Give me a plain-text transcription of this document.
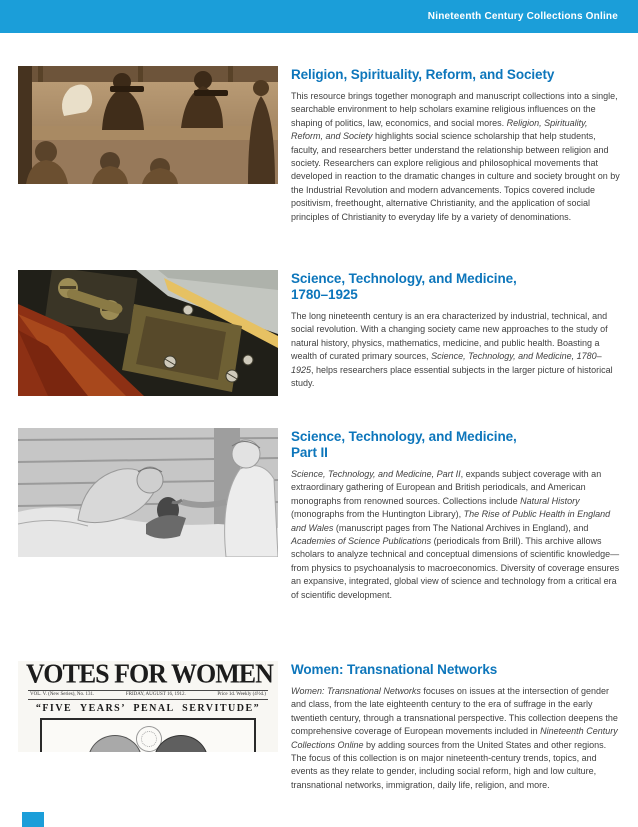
Nineteenth Century Collections Online
Religion, Spirituality, Reform, and Society

This resource brings together monograph and manuscript collections into a single, searchable environment to help scholars examine religious influences on the shaping of politics, law, economics, and social mores. Religion, Spirituality, Reform, and Society highlights social science scholarship that help students, faculty, and researchers better understand the relationship between religion and society. Researchers can explore religious and philosophical movements that developed in reaction to the dramatic changes in culture and society brought on by the Industrial Revolution and modern advancements. Topics covered include positivism, freethought, alternative Christianity, and the application of social principles of Christianity to everyday life by a variety of denominations.

Science, Technology, and Medicine,
1780–1925

The long nineteenth century is an era characterized by industrial, technical, and social revolution. With a changing society came new approaches to the study of natural history, physics, mathematics, medicine, and public health. Boasting a wealth of curated primary sources, Science, Technology, and Medicine, 1780–1925, helps researchers place essential subjects in the larger picture of historical study.

Science, Technology, and Medicine,
Part II

Science, Technology, and Medicine, Part II, expands subject coverage with an extraordinary gathering of European and British periodicals, and American monographs from renowned sources. Collections include Natural History (monographs from the Huntington Library), The Rise of Public Health in England and Wales (manuscript pages from The National Archives in England), and Academies of Science Publications (periodicals from Brill). This archive allows scholars to analyze technical and conceptual dimensions of scientific knowledge—from physics to psychoanalysis to macroeconomics. Diversity of coverage ensures an expansive, integrated, global view of science and technology from a critical era of scientific development.

VOTES FOR WOMEN
VOL. V. (New Series), No. 131.	FRIDAY, AUGUST 16, 1912.	Price 1d. Weekly (4½d.)
“FIVE YEARS’ PENAL SERVITUDE”
Women: Transnational Networks

Women: Transnational Networks focuses on issues at the intersection of gender and class, from the late eighteenth century to the era of suffrage in the early twentieth century, through a transnational perspective. This collection deepens the comprehensive coverage of European movements included in Nineteenth Century Collections Online by adding sources from the United States and other regions. The focus of this collection is on major nineteenth-century trends, topics, and events as they relate to gender, including social reform, high and low culture, transnational networks, immigration, daily life, religion, and more.
